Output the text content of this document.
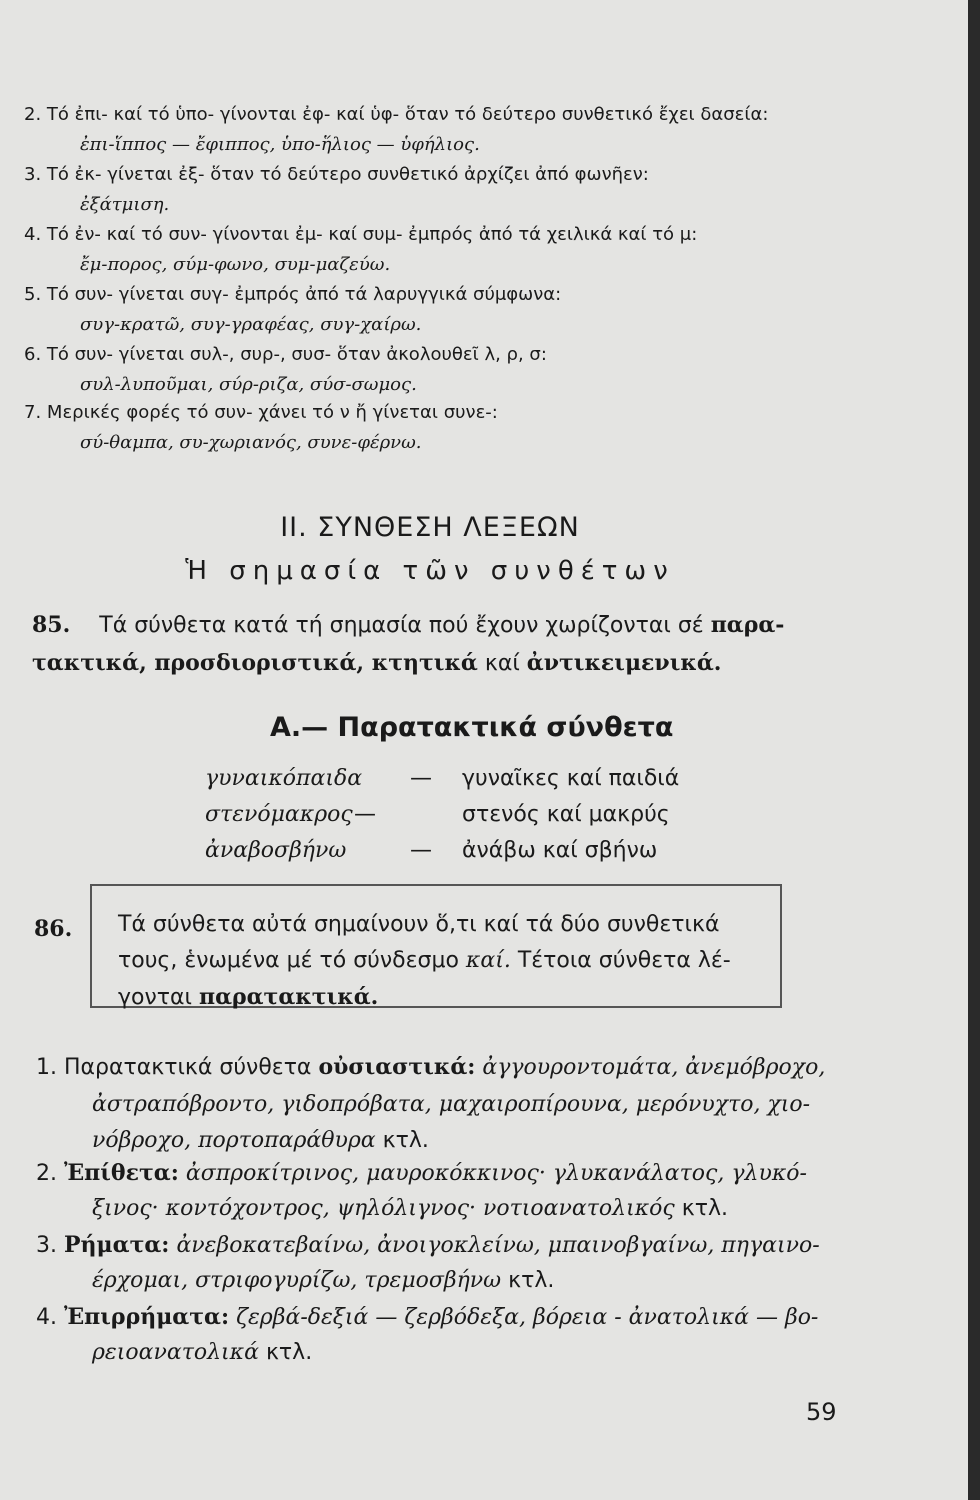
2. Τό ἐπι- καί τό ὑπο- γίνονται ἐφ- καί ὑφ- ὅταν τό δεύτερο συνθετικό ἔχει δασεία:
ἐπι-ἵππος — ἔφιππος, ὑπο-ἥλιος — ὑφήλιος.
3. Τό ἐκ- γίνεται ἐξ- ὅταν τό δεύτερο συνθετικό ἀρχίζει ἀπό φωνῆεν:
ἐξάτμιση.
4. Τό ἐν- καί τό συν- γίνονται ἐμ- καί συμ- ἐμπρός ἀπό τά χειλικά καί τό μ:
ἔμ-πορος, σύμ-φωνο, συμ-μαζεύω.
5. Τό συν- γίνεται συγ- ἐμπρός ἀπό τά λαρυγγικά σύμφωνα:
συγ-κρατῶ, συγ-γραφέας, συγ-χαίρω.
6. Τό συν- γίνεται συλ-, συρ-, συσ- ὅταν ἀκολουθεῖ λ, ρ, σ:
συλ-λυποῦμαι, σύρ-ριζα, σύσ-σωμος.
7. Μερικές φορές τό συν- χάνει τό ν ἤ γίνεται συνε-:
σύ-θαμπα, συ-χωριανός, συνε-φέρνω.
II. ΣΥΝΘΕΣΗ ΛΕΞΕΩΝ
Ἡ σημασία τῶν συνθέτων
85. Τά σύνθετα κατά τή σημασία πού ἔχουν χωρίζονται σέ παρα-
τακτικά, προσδιοριστικά, κτητικά καί ἀντικειμενικά.
Α.— Παρατακτικά σύνθετα
γυναικόπαιδα — γυναῖκες καί παιδιά
στενόμακρος —	στενός καί μακρύς
ἀναβοσβήνω	— ἀνάβω καί σβήνω
86. Τά σύνθετα αὐτά σημαίνουν ὅ,τι καί τά δύο συνθετικά
τους, ἑνωμένα μέ τό σύνδεσμο καί. Τέτοια σύνθετα λέ-
γονται παρατακτικά.
1. Παρατακτικά σύνθετα οὐσιαστικά: ἀγγουροντομάτα, ἀνεμόβροχο,
ἀστραπόβροντο, γιδοπρόβατα, μαχαιροπίρουνα, μερόνυχτο, χιο-
νόβροχο, πορτοπαράθυρα κτλ.
2. Ἐπίθετα: ἀσπροκίτρινος, μαυροκόκκινος· γλυκανάλατος, γλυκό-
ξινος· κοντόχοντρος, ψηλόλιγνος· νοτιοανατολικός κτλ.
3. Ρήματα: ἀνεβοκατεβαίνω, ἀνοιγοκλείνω, μπαινοβγαίνω, πηγαινο-
έρχομαι, στριφογυρίζω, τρεμοσβήνω κτλ.
4. Ἐπιρρήματα: ζερβά-δεξιά — ζερβόδεξα, βόρεια - ἀνατολικά — βο-
ρειοανατολικά κτλ.
59
